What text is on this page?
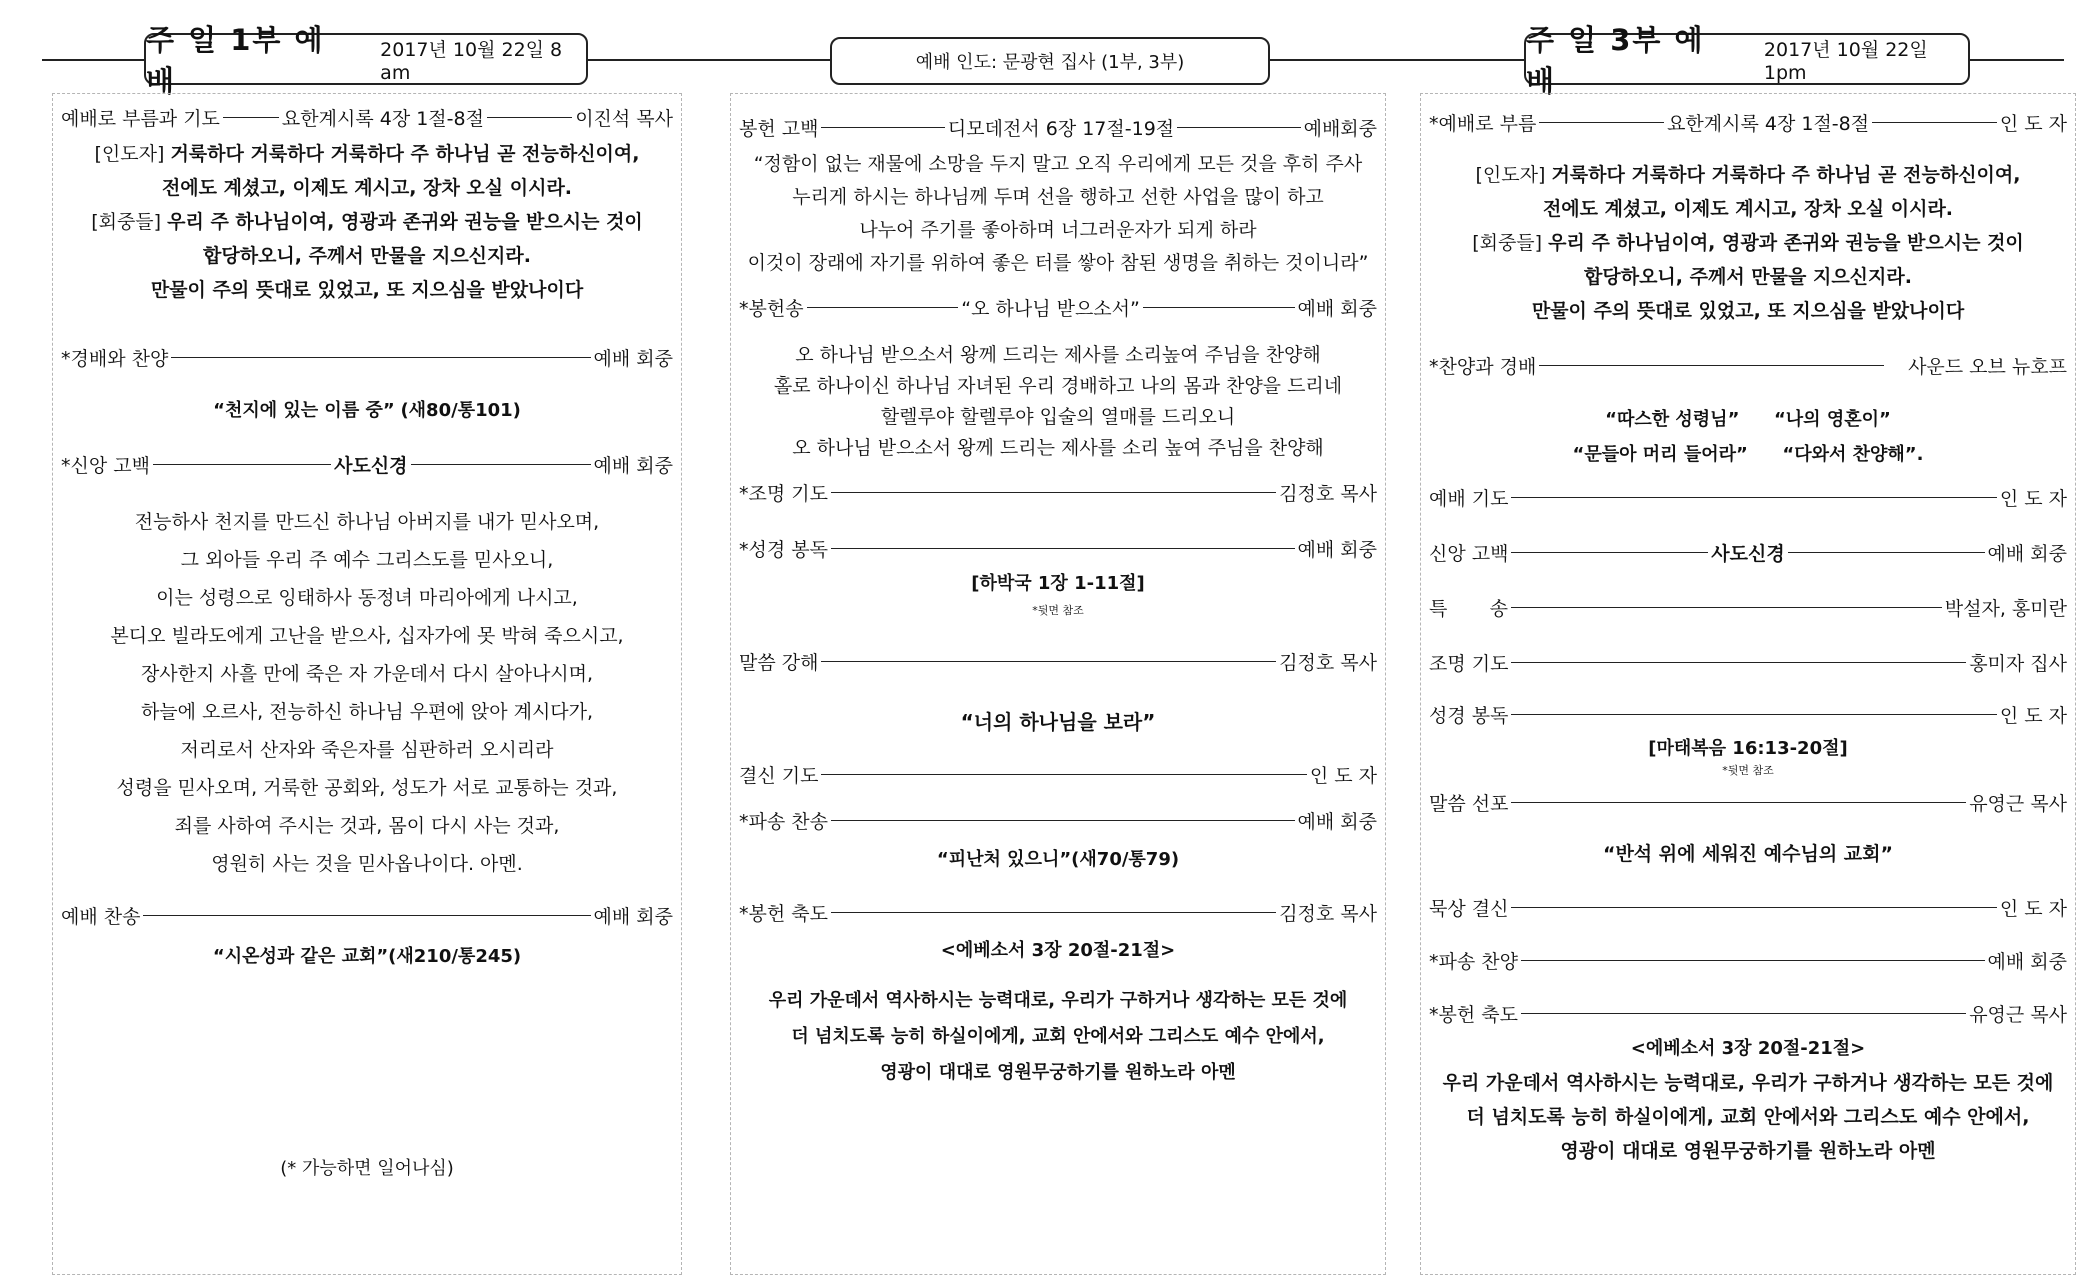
주 일 1부 예 배
2017년 10월 22일 8 am	예배 인도: 문광현 집사 (1부, 3부)
주 일 3부 예 배
2017년 10월 22일 1pm
예배로 부름과 기도	요한계시록 4장 1절-8절	이진석 목사
[인도자] 거룩하다 거룩하다 거룩하다 주 하나님 곧 전능하신이여,
전에도 계셨고, 이제도 계시고, 장차 오실 이시라.
[회중들] 우리 주 하나님이여, 영광과 존귀와 권능을 받으시는 것이
합당하오니, 주께서 만물을 지으신지라.
만물이 주의 뜻대로 있었고, 또 지으심을 받았나이다
*경배와 찬양	예배 회중
“천지에 있는 이름 중” (새80/통101)
*신앙 고백	사도신경	예배 회중
전능하사 천지를 만드신 하나님 아버지를 내가 믿사오며,
그 외아들 우리 주 예수 그리스도를 믿사오니,
이는 성령으로 잉태하사 동정녀 마리아에게 나시고,
본디오 빌라도에게 고난을 받으사, 십자가에 못 박혀 죽으시고,
장사한지 사흘 만에 죽은 자 가운데서 다시 살아나시며,
하늘에 오르사, 전능하신 하나님 우편에 앉아 계시다가,
저리로서 산자와 죽은자를 심판하러 오시리라
성령을 믿사오며, 거룩한 공회와, 성도가 서로 교통하는 것과,
죄를 사하여 주시는 것과, 몸이 다시 사는 것과,
영원히 사는 것을 믿사옵나이다. 아멘.
예배 찬송	예배 회중
“시온성과 같은 교회”(새210/통245)
(* 가능하면 일어나심)
봉헌 고백	디모데전서 6장 17절-19절	예배회중
“정함이 없는 재물에 소망을 두지 말고 오직 우리에게 모든 것을 후히 주사
누리게 하시는 하나님께 두며 선을 행하고 선한 사업을 많이 하고
나누어 주기를 좋아하며 너그러운자가 되게 하라
이것이 장래에 자기를 위하여 좋은 터를 쌓아 참된 생명을 취하는 것이니라”
*봉헌송	“오 하나님 받으소서”	예배 회중
오 하나님 받으소서 왕께 드리는 제사를 소리높여 주님을 찬양해
홀로 하나이신 하나님 자녀된 우리 경배하고 나의 몸과 찬양을 드리네
할렐루야 할렐루야 입술의 열매를 드리오니
오 하나님 받으소서 왕께 드리는 제사를 소리 높여 주님을 찬양해
*조명 기도	김정호 목사
*성경 봉독	예배 회중
[하박국 1장 1-11절]
*뒷면 참조
말씀 강해	김정호 목사
“너의 하나님을 보라”
결신 기도	인 도 자
*파송 찬송	예배 회중
“피난처 있으니”(새70/통79)
*봉헌 축도	김정호 목사
<에베소서 3장 20절-21절>
우리 가운데서 역사하시는 능력대로, 우리가 구하거나 생각하는 모든 것에
더 넘치도록 능히 하실이에게, 교회 안에서와 그리스도 예수 안에서,
영광이 대대로 영원무궁하기를 원하노라 아멘
*예배로 부름	요한계시록 4장 1절-8절	인 도 자
[인도자] 거룩하다 거룩하다 거룩하다 주 하나님 곧 전능하신이여,
전에도 계셨고, 이제도 계시고, 장차 오실 이시라.
[회중들] 우리 주 하나님이여, 영광과 존귀와 권능을 받으시는 것이
합당하오니, 주께서 만물을 지으신지라.
만물이 주의 뜻대로 있었고, 또 지으심을 받았나이다
*찬양과 경배	사운드 오브 뉴호프
“따스한 성령님” “나의 영혼이”
“문들아 머리 들어라” “다와서 찬양해”.
예배 기도	인 도 자
신앙 고백	사도신경	예배 회중
특       송	박설자, 홍미란
조명 기도	홍미자 집사
성경 봉독	인 도 자
[마태복음 16:13-20절]
*뒷면 참조
말씀 선포	유영근 목사
“반석 위에 세워진 예수님의 교회”
묵상 결신	인 도 자
*파송 찬양	예배 회중
*봉헌 축도	유영근 목사
<에베소서 3장 20절-21절>
우리 가운데서 역사하시는 능력대로, 우리가 구하거나 생각하는 모든 것에
더 넘치도록 능히 하실이에게, 교회 안에서와 그리스도 예수 안에서,
영광이 대대로 영원무궁하기를 원하노라 아멘
